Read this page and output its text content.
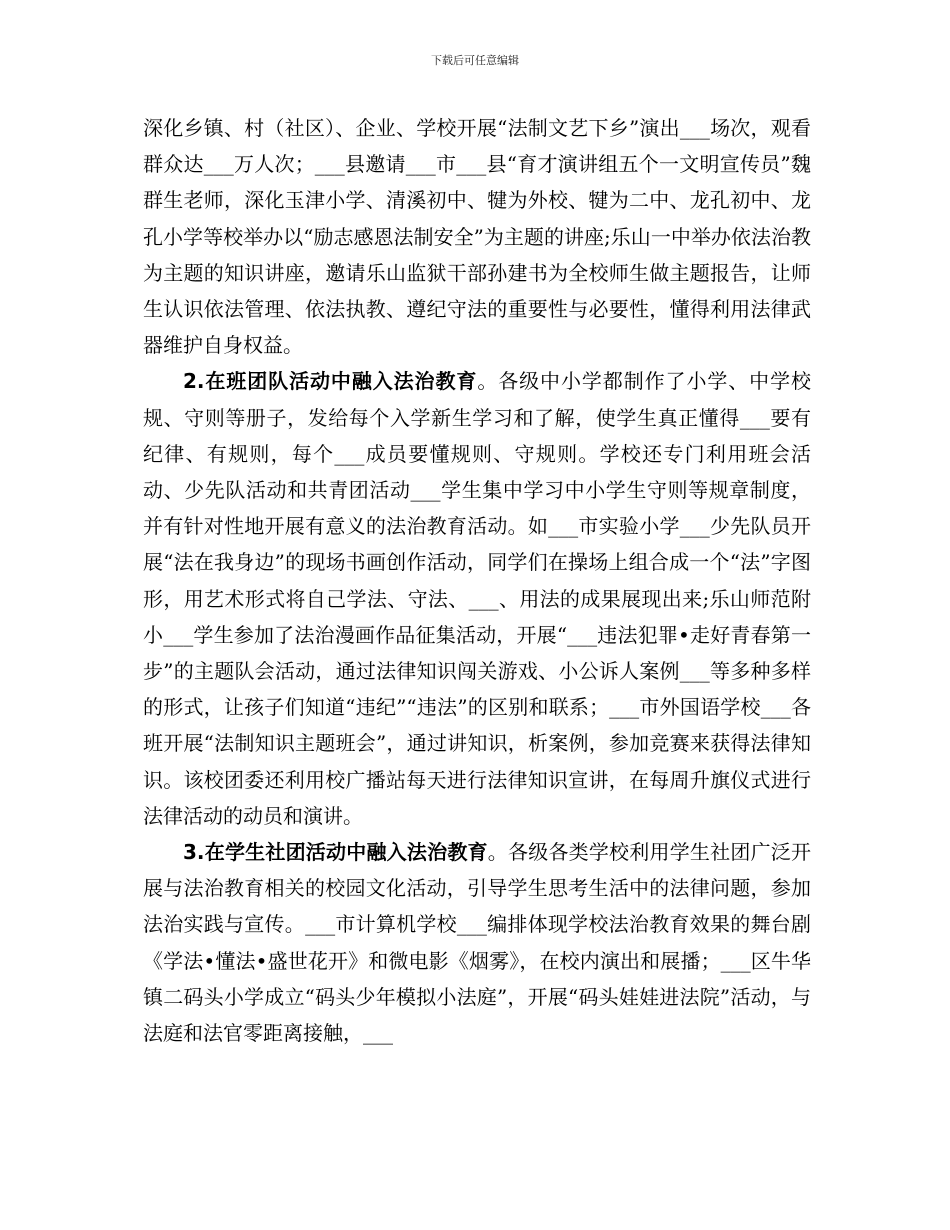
下载后可任意编辑

深化乡镇、村（社区）、企业、学校开展“法制文艺下乡”演出___场次，观看群众达___万人次；___县邀请___市___县“育才演讲组五个一文明宣传员”魏群生老师，深化玉津小学、清溪初中、犍为外校、犍为二中、龙孔初中、龙孔小学等校举办以“励志感恩法制安全”为主题的讲座;乐山一中举办依法治教为主题的知识讲座，邀请乐山监狱干部孙建书为全校师生做主题报告，让师生认识依法管理、依法执教、遵纪守法的重要性与必要性，懂得利用法律武器维护自身权益。

2.在班团队活动中融入法治教育。各级中小学都制作了小学、中学校规、守则等册子，发给每个入学新生学习和了解，使学生真正懂得___要有纪律、有规则，每个___成员要懂规则、守规则。学校还专门利用班会活动、少先队活动和共青团活动___学生集中学习中小学生守则等规章制度，并有针对性地开展有意义的法治教育活动。如___市实验小学___少先队员开展“法在我身边”的现场书画创作活动，同学们在操场上组合成一个“法”字图形，用艺术形式将自己学法、守法、___、用法的成果展现出来;乐山师范附小___学生参加了法治漫画作品征集活动，开展“___违法犯罪•走好青春第一步”的主题队会活动，通过法律知识闯关游戏、小公诉人案例___等多种多样的形式，让孩子们知道“违纪”“违法”的区别和联系；___市外国语学校___各班开展“法制知识主题班会”，通过讲知识，析案例，参加竞赛来获得法律知识。该校团委还利用校广播站每天进行法律知识宣讲，在每周升旗仪式进行法律活动的动员和演讲。

3.在学生社团活动中融入法治教育。各级各类学校利用学生社团广泛开展与法治教育相关的校园文化活动，引导学生思考生活中的法律问题，参加法治实践与宣传。___市计算机学校___编排体现学校法治教育效果的舞台剧《学法•懂法•盛世花开》和微电影《烟雾》，在校内演出和展播；___区牛华镇二码头小学成立“码头少年模拟小法庭”，开展“码头娃娃进法院”活动，与法庭和法官零距离接触，___
